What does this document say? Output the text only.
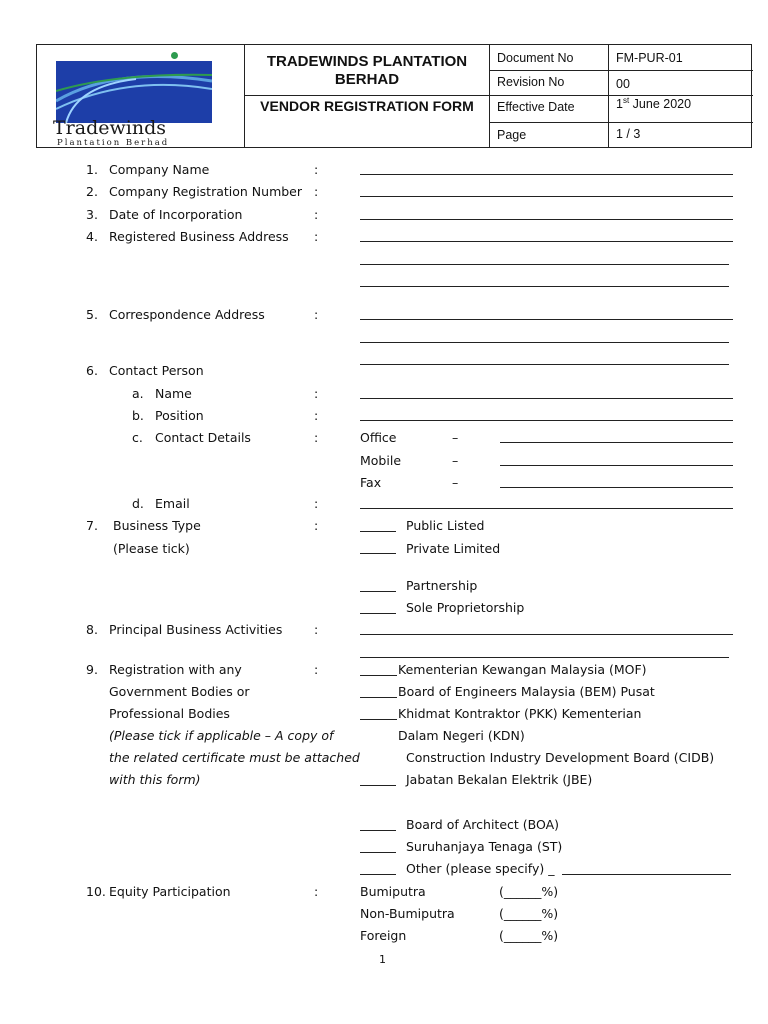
Tradewinds
Plantation Berhad
TRADEWINDS PLANTATION BERHAD
VENDOR REGISTRATION FORM
Document No	FM-PUR-01
Revision No	00
Effective Date	1st June 2020
Page	1 / 3
1. Company Name	:
2. Company Registration Number :
3. Date of Incorporation	:
4. Registered Business Address :
5. Correspondence Address	:
6. Contact Person
a. Name	:
b. Position	:
c. Contact Details	:	Office	–
Mobile	–
Fax	–
d. Email	:
7. Business Type
(Please tick)
:	Public Listed
Private Limited
Partnership
Sole Proprietorship
8. Principal Business Activities	:
9. Registration with any
Government Bodies or
Professional Bodies
(Please tick if applicable – A copy of
the related certificate must be attached
with this form)
:	Kementerian Kewangan Malaysia (MOF)
Board of Engineers Malaysia (BEM) Pusat
Khidmat Kontraktor (PKK) Kementerian
Dalam Negeri (KDN)
Construction Industry Development Board (CIDB)
Jabatan Bekalan Elektrik (JBE)
Board of Architect (BOA)
Suruhanjaya Tenaga (ST)
Other (please specify) _
10. Equity Participation	:	Bumiputra	(______%)
Non-Bumiputra	(______%)
Foreign	(______%)
1
